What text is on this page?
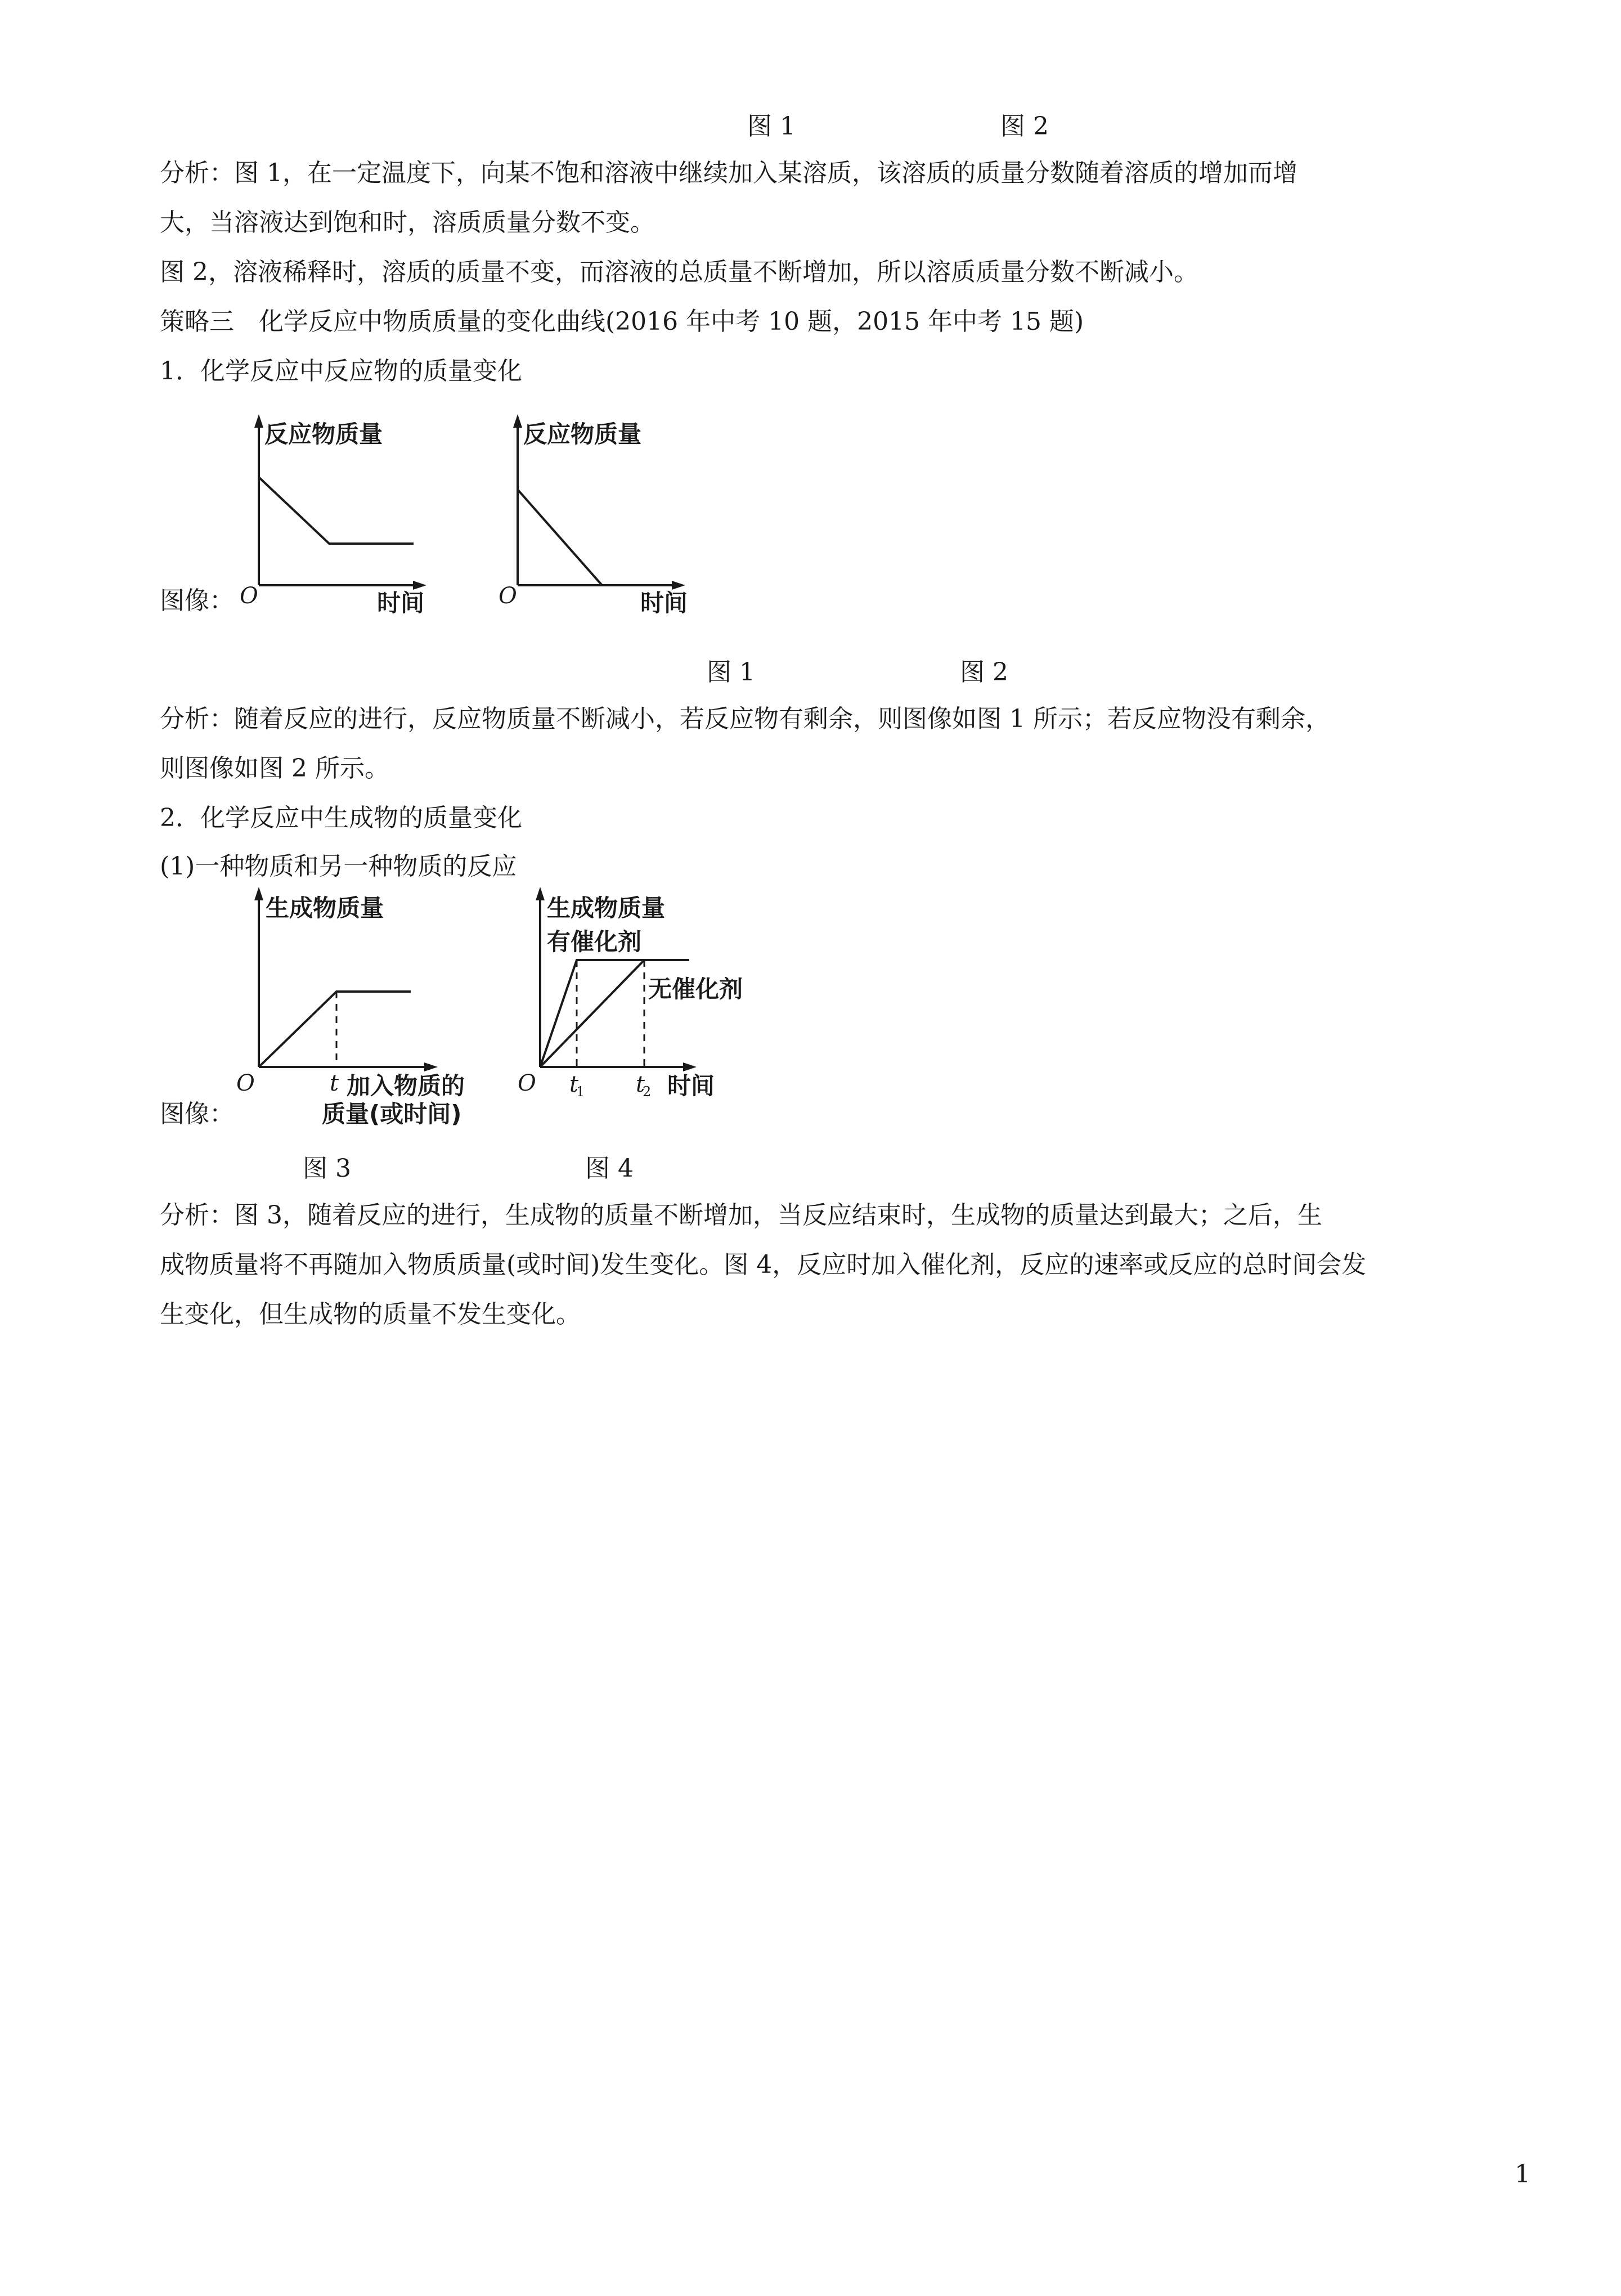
图 1	图 2
分析：图 1，在一定温度下，向某不饱和溶液中继续加入某溶质，该溶质的质量分数随着溶质的增加而增
大，当溶液达到饱和时，溶质质量分数不变。
图 2，溶液稀释时，溶质的质量不变，而溶液的总质量不断增加，所以溶质质量分数不断减小。
策略三　化学反应中物质质量的变化曲线(2016 年中考 10 题，2015 年中考 15 题)
1．化学反应中反应物的质量变化
图像：
反应物质量
O	时间
反应物质量
O	时间
图 1	图 2
分析：随着反应的进行，反应物质量不断减小，若反应物有剩余，则图像如图 1 所示；若反应物没有剩余，
则图像如图 2 所示。
2．化学反应中生成物的质量变化
(1)一种物质和另一种物质的反应
图像：
生成物质量
O	t 加入物质的
质量(或时间)
生成物质量
有催化剂
无催化剂
O t
1 t
2 时间
图 3	图 4
分析：图 3，随着反应的进行，生成物的质量不断增加，当反应结束时，生成物的质量达到最大；之后，生
成物质量将不再随加入物质质量(或时间)发生变化。图 4，反应时加入催化剂，反应的速率或反应的总时间会发
生变化，但生成物的质量不发生变化。
1
